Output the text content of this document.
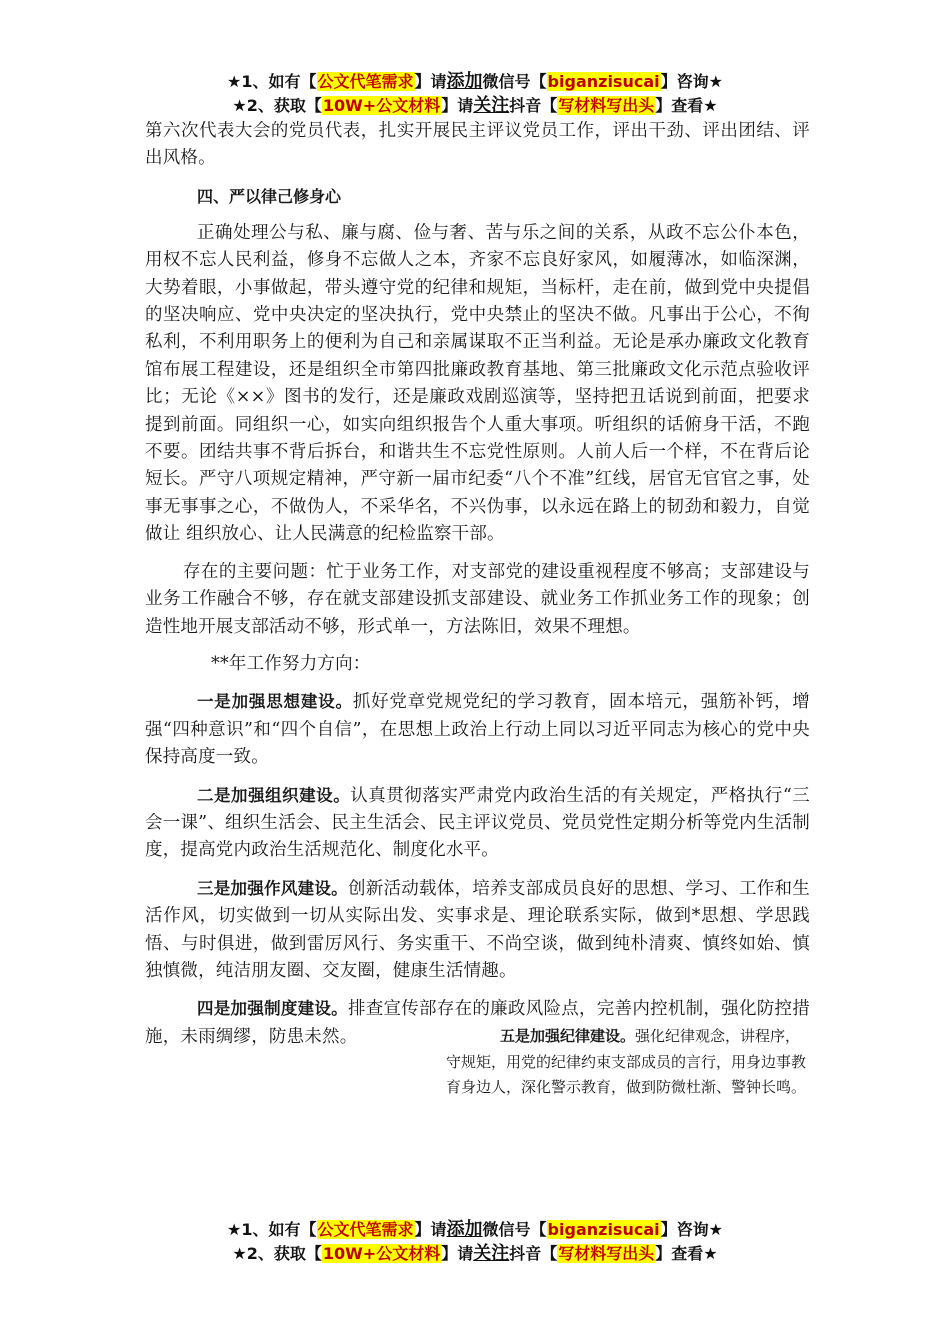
★1、如有【公文代笔需求】请添加微信号【biganzisucai】咨询★
★2、获取【10W+公文材料】请关注抖音【写材料写出头】查看★

第六次代表大会的党员代表，扎实开展民主评议党员工作，评出干劲、评出团结、评出风格。

四、严以律己修身心

正确处理公与私、廉与腐、俭与奢、苦与乐之间的关系，从政不忘公仆本色，用权不忘人民利益，修身不忘做人之本，齐家不忘良好家风，如履薄冰，如临深渊，大势着眼，小事做起，带头遵守党的纪律和规矩，当标杆，走在前，做到党中央提倡的坚决响应、党中央决定的坚决执行，党中央禁止的坚决不做。凡事出于公心，不徇私利，不利用职务上的便利为自己和亲属谋取不正当利益。无论是承办廉政文化教育馆布展工程建设，还是组织全市第四批廉政教育基地、第三批廉政文化示范点验收评比；无论《××》图书的发行，还是廉政戏剧巡演等，坚持把丑话说到前面，把要求提到前面。同组织一心，如实向组织报告个人重大事项。听组织的话俯身干活，不跑不要。团结共事不背后拆台，和谐共生不忘党性原则。人前人后一个样，不在背后论短长。严守八项规定精神，严守新一届市纪委“八个不准”红线，居官无官官之事，处事无事事之心，不做伪人，不采华名，不兴伪事，以永远在路上的韧劲和毅力，自觉做让 组织放心、让人民满意的纪检监察干部。

存在的主要问题：忙于业务工作，对支部党的建设重视程度不够高；支部建设与业务工作融合不够，存在就支部建设抓支部建设、就业务工作抓业务工作的现象；创造性地开展支部活动不够，形式单一，方法陈旧，效果不理想。

**年工作努力方向：

一是加强思想建设。抓好党章党规党纪的学习教育，固本培元，强筋补钙，增强“四种意识”和“四个自信”，在思想上政治上行动上同以习近平同志为核心的党中央保持高度一致。

二是加强组织建设。认真贯彻落实严肃党内政治生活的有关规定，严格执行“三会一课”、组织生活会、民主生活会、民主评议党员、党员党性定期分析等党内生活制度，提高党内政治生活规范化、制度化水平。

三是加强作风建设。创新活动载体，培养支部成员良好的思想、学习、工作和生活作风，切实做到一切从实际出发、实事求是、理论联系实际，做到*思想、学思践悟、与时俱进，做到雷厉风行、务实重干、不尚空谈，做到纯朴清爽、慎终如始、慎独慎微，纯洁朋友圈、交友圈，健康生活情趣。

四是加强制度建设。排查宣传部存在的廉政风险点，完善内控机制，强化防控措施，未雨绸缪，防患未然。	五是加强纪律建设。强化纪律观念，讲程序，守规矩，用党的纪律约束支部成员的言行，用身边事教育身边人，深化警示教育，做到防微杜渐、警钟长鸣。

★1、如有【公文代笔需求】请添加微信号【biganzisucai】咨询★
★2、获取【10W+公文材料】请关注抖音【写材料写出头】查看★
